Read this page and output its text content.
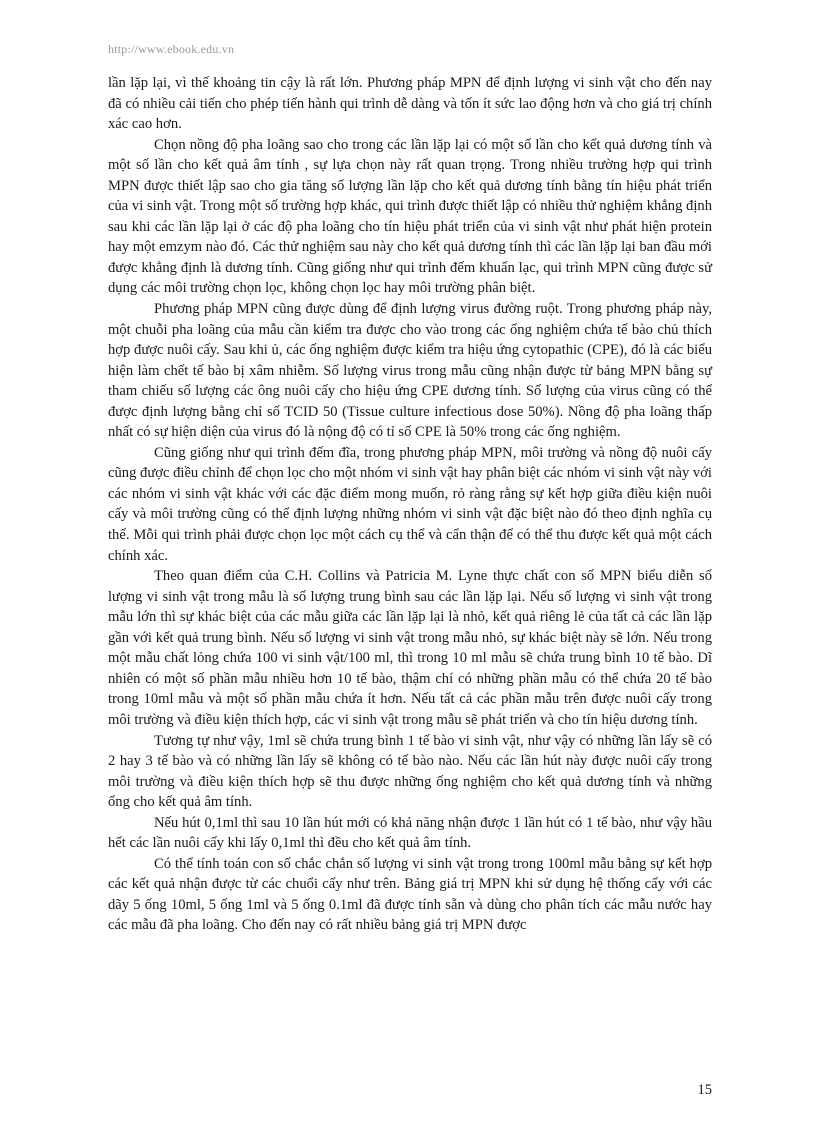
http://www.ebook.edu.vn

lần lặp lại, vì thế khoảng tin cậy là rất lớn. Phương pháp MPN để định lượng vi sinh vật cho đến nay đã có nhiều cải tiến cho phép tiến hành qui trình dễ dàng và tốn ít sức lao động hơn và cho giá trị chính xác cao hơn.

Chọn nồng độ pha loãng sao cho trong các lần lặp lại có một số lần cho kết quả dương tính và một số lần cho kết quả âm tính , sự lựa chọn này rất quan trọng. Trong nhiều trường hợp qui trình MPN được thiết lập sao cho gia tăng số lượng lần lặp cho kết quả dương tính bằng tín hiệu phát triển của vi sinh vật. Trong một số trường hợp khác, qui trình được thiết lập có nhiều thử nghiệm khẳng định sau khi các lần lặp lại ở các độ pha loãng cho tín hiệu phát triển của vi sinh vật như phát hiện protein hay một emzym nào đó. Các thử nghiệm sau này cho kết quả dương tính thì các lần lặp lại ban đầu mới được khẳng định là dương tính. Cũng giống như qui trình đếm khuẩn lạc, qui trình MPN cũng được sử dụng các môi trường chọn lọc, không chọn lọc hay môi trường phân biệt.

Phương pháp MPN cũng được dùng để định lượng virus đường ruột. Trong phương pháp này, một chuỗi pha loãng của mẫu cần kiểm tra được cho vào trong các ống nghiệm chứa tế bào chủ thích hợp được nuôi cấy. Sau khi ủ, các ống nghiệm được kiểm tra hiệu ứng cytopathic (CPE), đó là các biểu hiện làm chết tế bào bị xâm nhiễm. Số lượng virus trong mẫu cũng nhận được từ bảng MPN bằng sự tham chiếu số lượng các ông nuôi cấy cho hiệu ứng CPE dương tính. Số lượng của virus cũng có thể được định lượng bằng chỉ số TCID 50 (Tissue culture infectious dose 50%). Nồng độ pha loãng thấp nhất có sự hiện diện của virus đó là nộng độ có tỉ số CPE là 50% trong các ống nghiệm.

Cũng giống như qui trình đếm đĩa, trong phương pháp MPN, môi trường và nồng độ nuôi cấy cũng được điều chỉnh để chọn lọc cho một nhóm vi sinh vật hay phân biệt các nhóm vi sinh vật này với các nhóm vi sinh vật khác với các đặc điểm mong muốn, rỏ ràng rằng sự kết hợp giữa điều kiện nuôi cấy và môi trường cũng có thể định lượng những nhóm vi sinh vật đặc biệt nào đó theo định nghĩa cụ thể. Mỗi qui trình phải được chọn lọc một cách cụ thể và cẩn thận để có thể thu được kết quả một cách chính xác.

Theo quan điểm của C.H. Collins và Patricia M. Lyne thực chất con số MPN biểu diễn số lượng vi sinh vật trong mẫu là số lượng trung bình sau các lần lặp lại. Nếu số lượng vi sinh vật trong mẫu lớn thì sự khác biệt của các mẫu giữa các lần lặp lại là nhỏ, kết quả riêng lẻ của tất cả các lần lặp gần với kết quả trung bình. Nếu số lượng vi sinh vật trong mẫu nhỏ, sự khác biệt này sẽ lớn. Nếu trong một mẫu chất lỏng chứa 100 vi sinh vật/100 ml, thì trong 10 ml mẫu sẽ chứa trung bình 10 tế bào. Dĩ nhiên có một số phần mẫu nhiều hơn 10 tế bào, thậm chí có những phần mẫu có thể chứa 20 tế bào trong 10ml mẫu và một số phần mẫu chứa ít hơn. Nếu tất cả các phần mẫu trên được nuôi cấy trong môi trường và điều kiện thích hợp, các vi sinh vật trong mẫu sẽ phát triển và cho tín hiệu dương tính.

Tương tự như vậy, 1ml sẽ chứa trung bình 1 tế bào vi sinh vật, như vậy có những lần lấy sẽ có 2 hay 3 tế bào và có những lần lấy sẽ không có tế bào nào. Nếu các lần hút này được nuôi cấy trong môi trường và điều kiện thích hợp sẽ thu được những ống nghiệm cho kết quả dương tính và những ống cho kết quả âm tính.

Nếu hút 0,1ml thì sau 10 lần hút mới có khả năng nhận được 1 lần hút có 1 tế bào, như vậy hầu hết các lần nuôi cấy khi lấy 0,1ml thì đều cho kết quả âm tính.

Có thể tính toán con số chắc chắn số lượng vi sinh vật trong trong 100ml mẫu bằng sự kết hợp các kết quả nhận được từ các chuổi cấy như trên. Bảng giá trị MPN khi sử dụng hệ thống cấy với các dãy 5 ống 10ml, 5 ống 1ml và 5 ống 0.1ml đã được tính sẵn và dùng cho phân tích các mẫu nước hay các mẫu đã pha loãng. Cho đến nay có rất nhiều bảng giá trị MPN được

15
